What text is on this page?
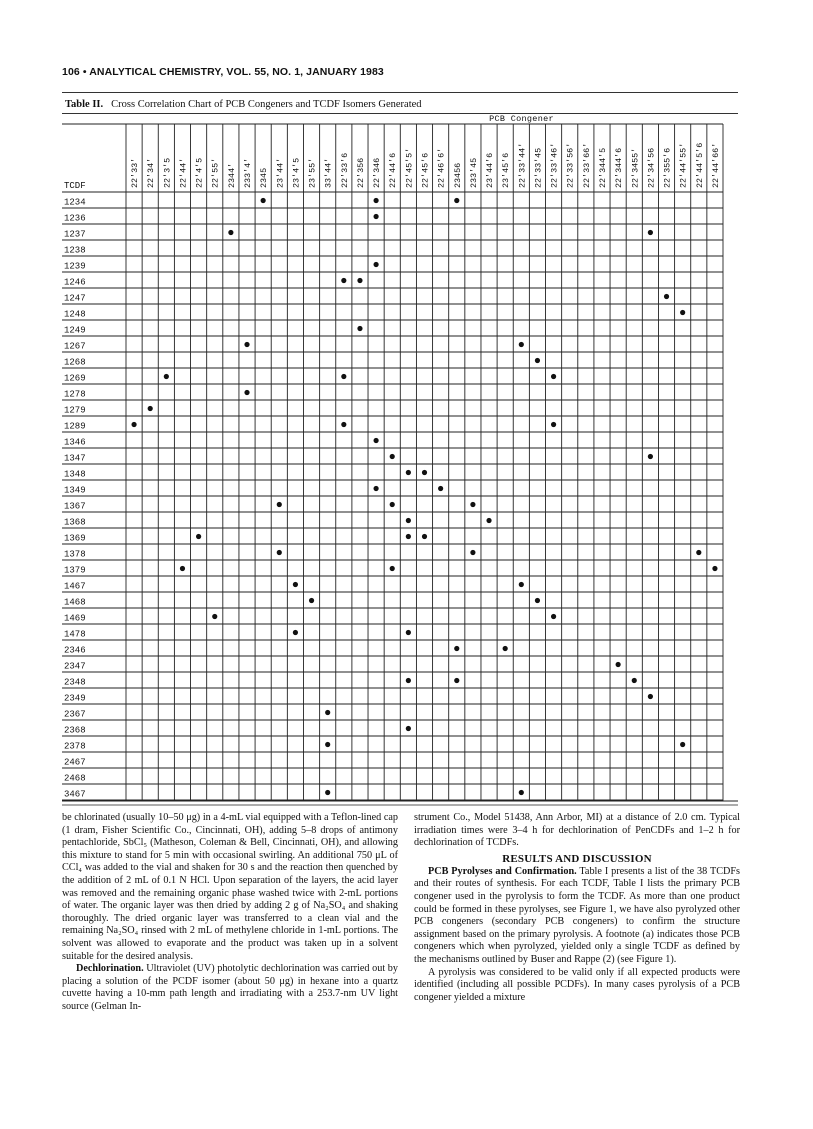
106 • ANALYTICAL CHEMISTRY, VOL. 55, NO. 1, JANUARY 1983
Table II. Cross Correlation Chart of PCB Congeners and TCDF Isomers Generated
PCB Congener
TCDF	22'33' 22'34' 22'3'5 22'44' 22'4'5 22'55' 2344' 233'4' 2345 23'44' 23'4'5 23'55' 33'44' 22'33'6 22'356 22'346 22'44'6 22'45'5' 22'45'6 22'46'6' 23456 233'45 23'44'6 23'45'6 22'33'44' 22'33'45 22'33'46' 22'33'56' 22'33'66' 22'344'5 22'344'6 22'3455' 22'34'56 22'355'6 22'44'55' 22'44'5'6 22'44'66'
1234
1236
1237
1238
1239
1246
1247
1248
1249
1267
1268
1269
1278
1279
1289
1346
1347
1348
1349
1367
1368
1369
1378
1379
1467
1468
1469
1478
2346
2347
2348
2349
2367
2368
2378
2467
2468
3467

be chlorinated (usually 10–50 μg) in a 4-mL vial equipped with a Teflon-lined cap (1 dram, Fisher Scientific Co., Cincinnati, OH), adding 5–8 drops of antimony pentachloride, SbCl₅ (Matheson, Coleman & Bell, Cincinnati, OH), and allowing this mixture to stand for 5 min with occasional swirling. An additional 750 μL of CCl₄ was added to the vial and shaken for 30 s and the reaction then quenched by the addition of 2 mL of 0.1 N HCl. Upon separation of the layers, the acid layer was removed and the remaining organic phase washed twice with 2-mL portions of water. The organic layer was then dried by adding 2 g of Na₂SO₄ and shaking thoroughly. The dried organic layer was transferred to a clean vial and the remaining Na₂SO₄ rinsed with 2 mL of methylene chloride in 1-mL portions. The solvent was allowed to evaporate and the product was taken up in a solvent suitable for the desired analysis.

Dechlorination. Ultraviolet (UV) photolytic dechlorination was carried out by placing a solution of the PCDF isomer (about 50 μg) in hexane into a quartz cuvette having a 10-mm path length and irradiating with a 253.7-nm UV light source (Gelman In-

strument Co., Model 51438, Ann Arbor, MI) at a distance of 2.0 cm. Typical irradiation times were 3–4 h for dechlorination of PenCDFs and 1–2 h for dechlorination of TCDFs.

RESULTS AND DISCUSSION

PCB Pyrolyses and Confirmation. Table I presents a list of the 38 TCDFs and their routes of synthesis. For each TCDF, Table I lists the primary PCB congener used in the pyrolysis to form the TCDF. As more than one product could be formed in these pyrolyses, see Figure 1, we have also pyrolyzed other PCB congeners (secondary PCB congeners) to confirm the structure assignment based on the primary pyrolysis. A footnote (a) indicates those PCB congeners which when pyrolyzed, yielded only a single TCDF as defined by the mechanisms outlined by Buser and Rappe (2) (see Figure 1).

A pyrolysis was considered to be valid only if all expected products were identified (including all possible PCDFs). In many cases pyrolysis of a PCB congener yielded a mixture
